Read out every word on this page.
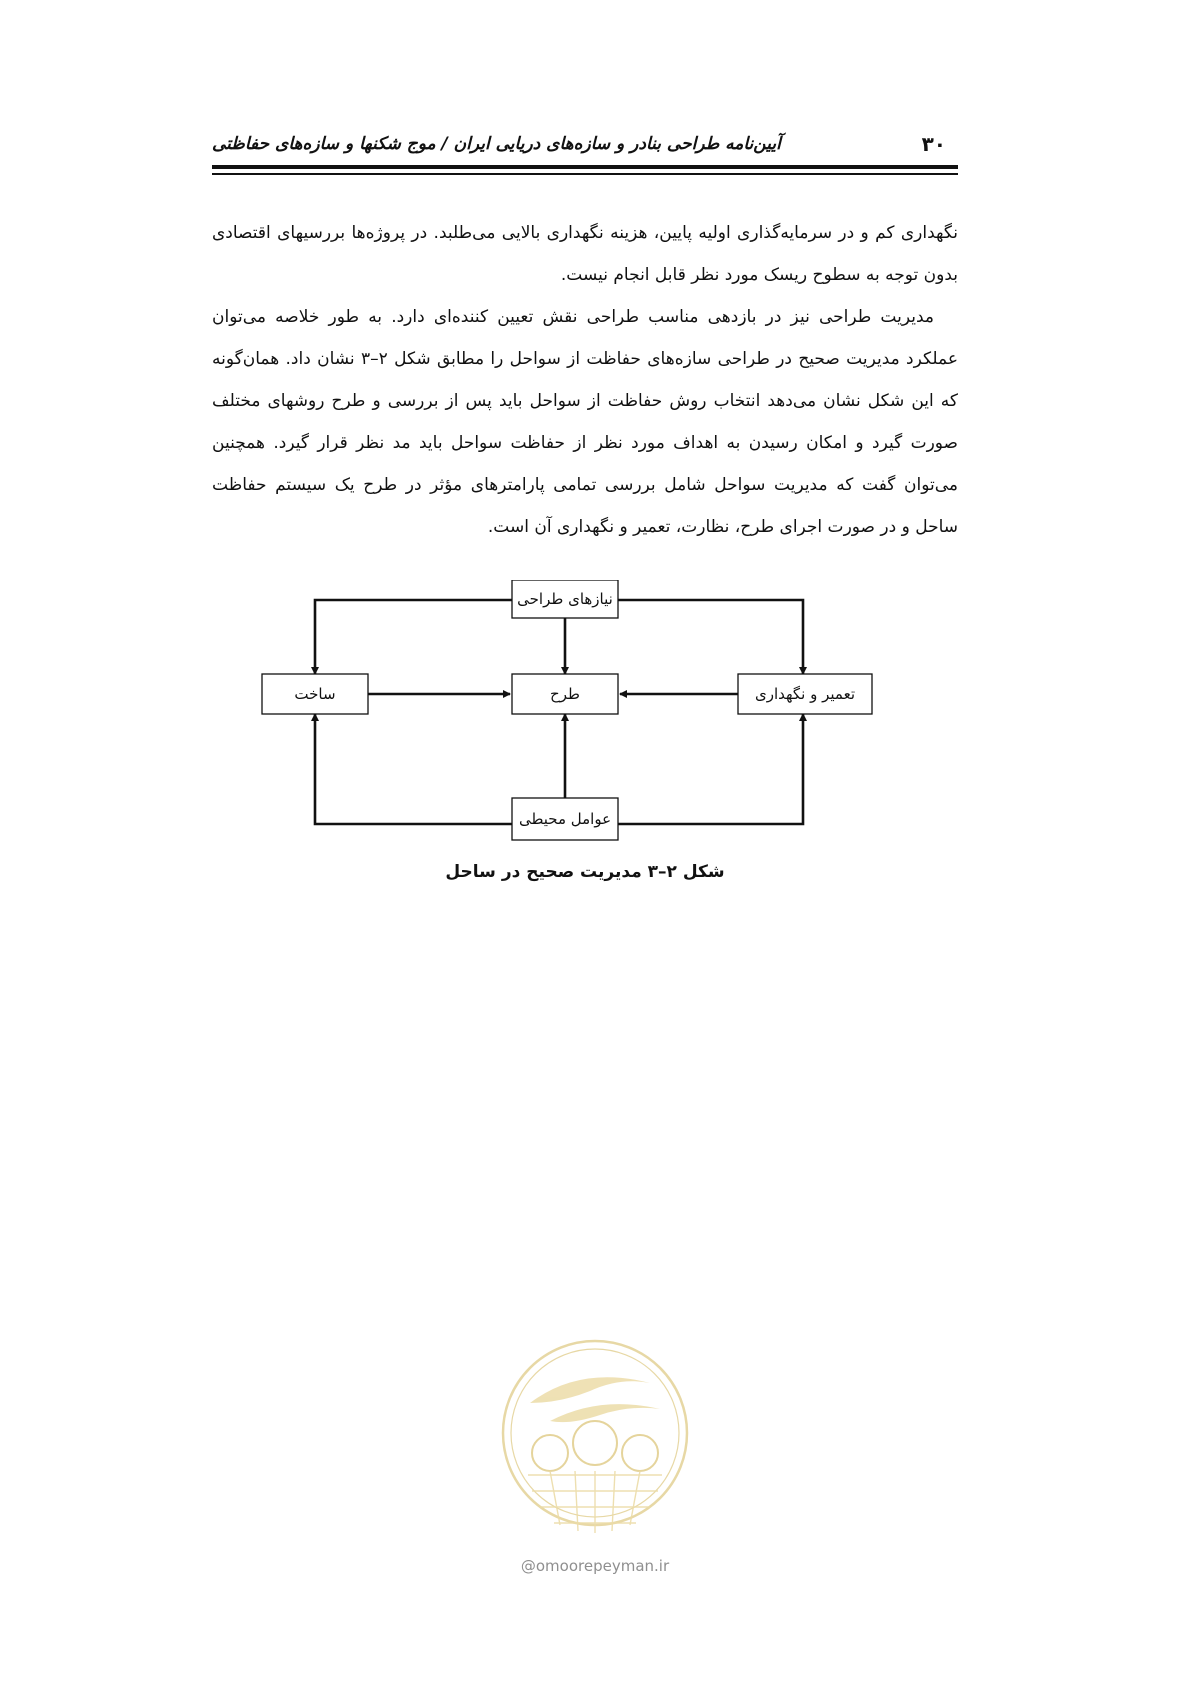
۳۰
آیین‌نامه طراحی بنادر و سازه‌های دریایی ایران / موج شکنها و سازه‌های حفاظتی

نگهداری کم و در سرمایه‌گذاری اولیه پایین، هزینه نگهداری بالایی می‌طلبد. در پروژه‌ها بررسیهای اقتصادی بدون توجه به سطوح ریسک مورد نظر قابل انجام نیست.

مدیریت طراحی نیز در بازدهی مناسب طراحی نقش تعیین کننده‌ای دارد. به طور خلاصه می‌توان عملکرد مدیریت صحیح در طراحی سازه‌های حفاظت از سواحل را مطابق شکل ۲–۳ نشان داد. همان‌گونه که این شکل نشان می‌دهد انتخاب روش حفاظت از سواحل باید پس از بررسی و طرح روشهای مختلف صورت گیرد و امکان رسیدن به اهداف مورد نظر از حفاظت سواحل باید مد نظر قرار گیرد. همچنین می‌توان گفت که مدیریت سواحل شامل بررسی تمامی پارامترهای مؤثر در طرح یک سیستم حفاظت ساحل و در صورت اجرای طرح، نظارت، تعمیر و نگهداری آن است.

نیازهای طراحی
ساخت	طرح	تعمیر و نگهداری
عوامل محیطی
شکل ۲–۳ مدیریت صحیح در ساحل
@omoorepeyman.ir
